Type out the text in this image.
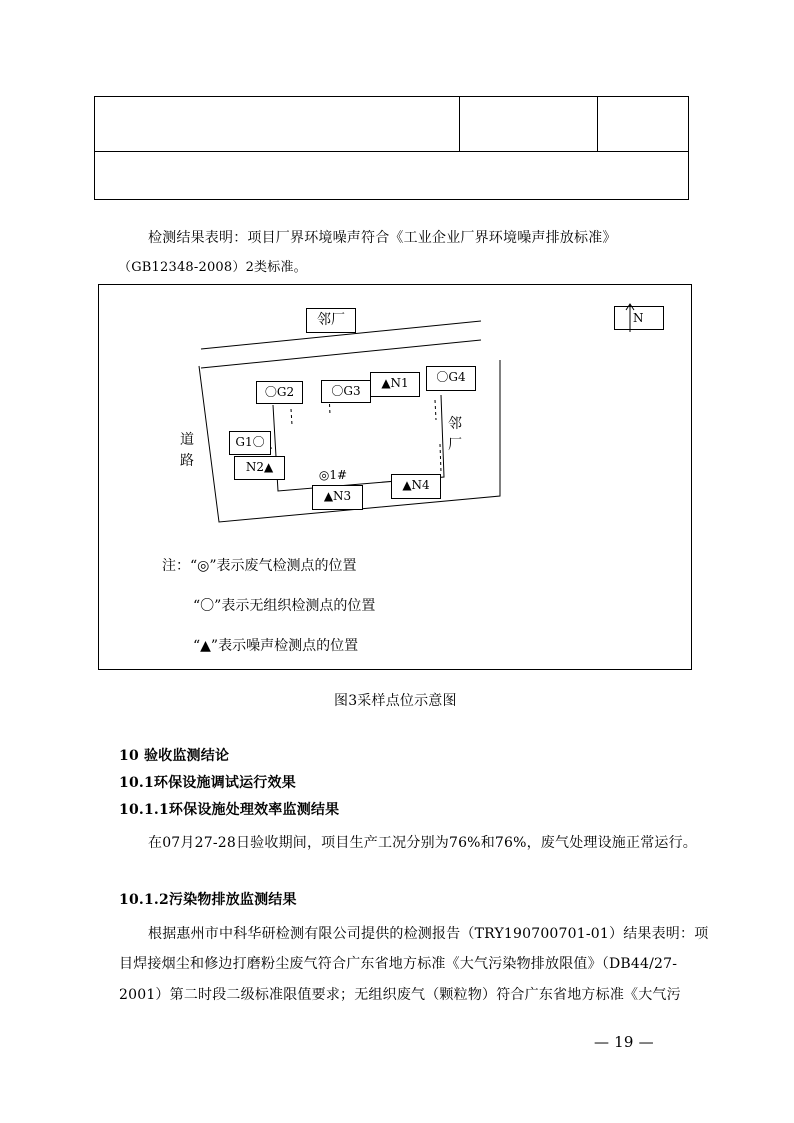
检测结果表明：项目厂界环境噪声符合《工业企业厂界环境噪声排放标准》
（GB12348-2008）2类标准。
N
邻厂
道
路
邻
厂
〇G2	〇G3
▲N1	〇G4
G1〇
N2▲
◎1#
▲N3
▲N4
注：“◎”表示废气检测点的位置
“〇”表示无组织检测点的位置
“▲”表示噪声检测点的位置
图3采样点位示意图
10 验收监测结论
10.1环保设施调试运行效果
10.1.1环保设施处理效率监测结果
在07月27-28日验收期间，项目生产工况分别为76%和76%，废气处理设施正常运行。
10.1.2污染物排放监测结果
根据惠州市中科华研检测有限公司提供的检测报告（TRY190700701-01）结果表明：项
目焊接烟尘和修边打磨粉尘废气符合广东省地方标准《大气污染物排放限值》（DB44/27-
2001）第二时段二级标准限值要求；无组织废气（颗粒物）符合广东省地方标准《大气污
— 19 —
